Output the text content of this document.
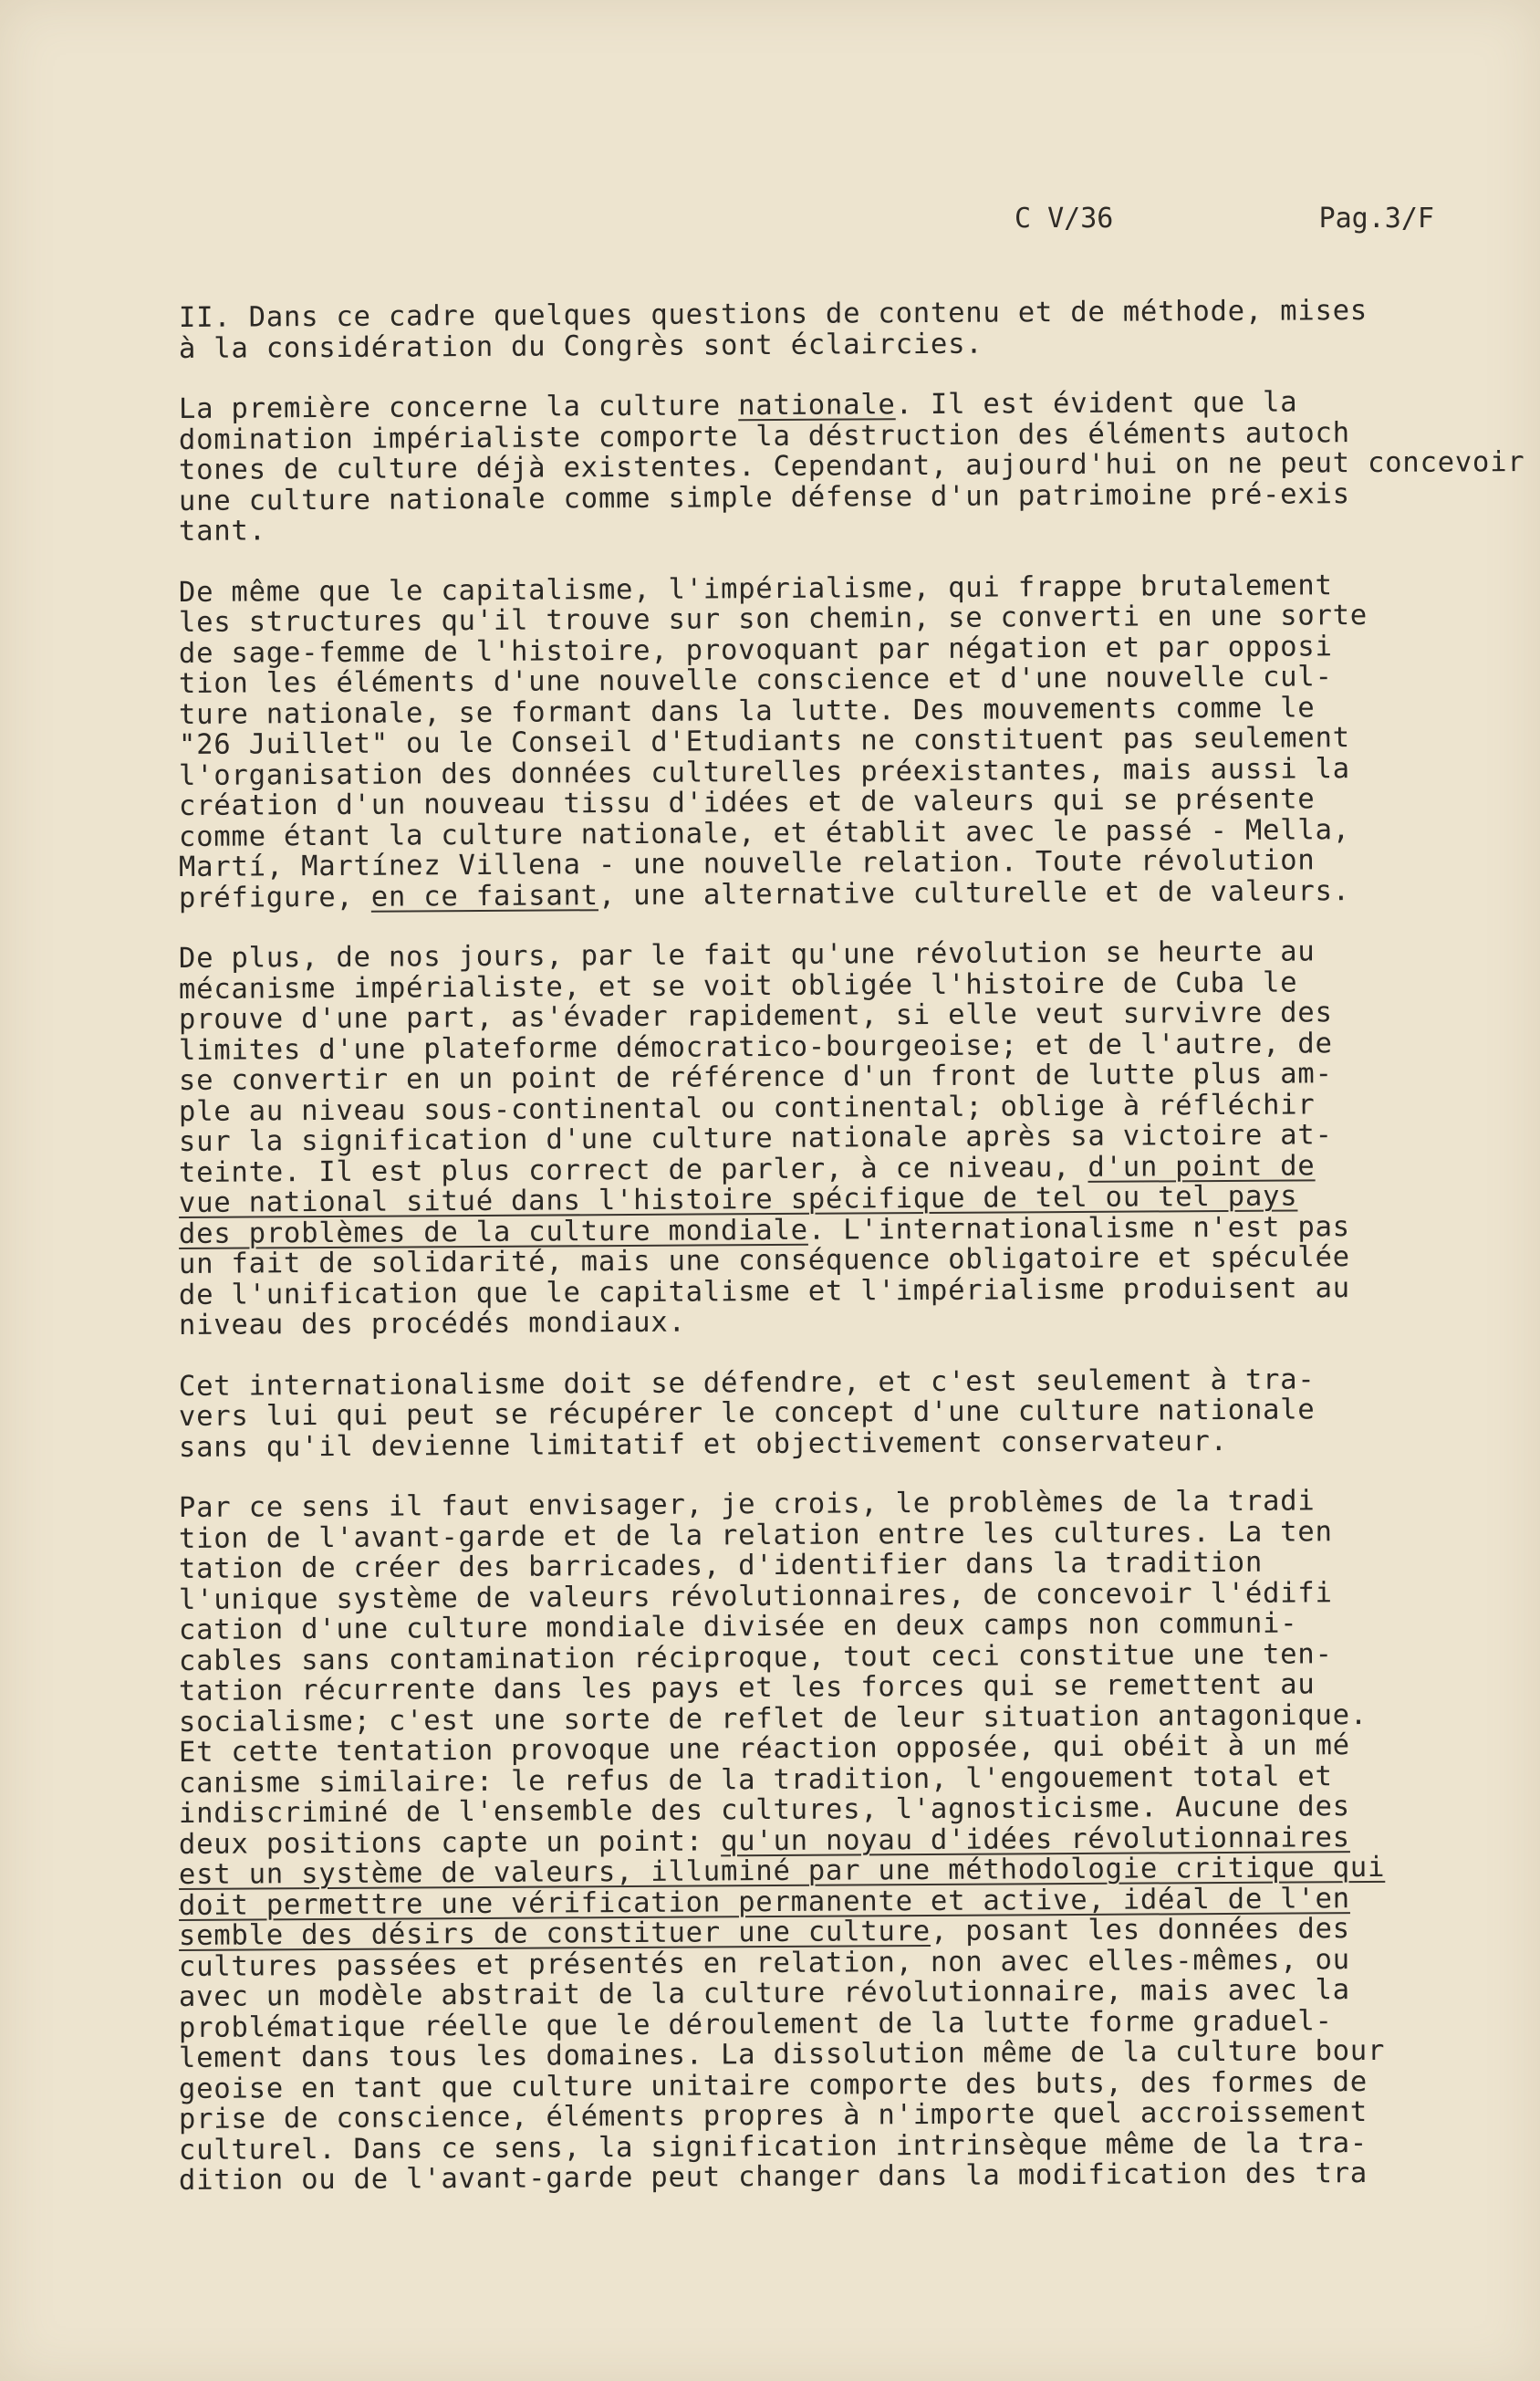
C V/36	Pag.3/F
II. Dans ce cadre quelques questions de contenu et de méthode, mises
à la considération du Congrès sont éclaircies.
La première concerne la culture nationale. Il est évident que la
domination impérialiste comporte la déstruction des éléments autoch
tones de culture déjà existentes. Cependant, aujourd'hui on ne peut concevoir
une culture nationale comme simple défense d'un patrimoine pré-exis
tant.
De même que le capitalisme, l'impérialisme, qui frappe brutalement
les structures qu'il trouve sur son chemin, se converti en une sorte
de sage-femme de l'histoire, provoquant par négation et par opposi
tion les éléments d'une nouvelle conscience et d'une nouvelle cul-
ture nationale, se formant dans la lutte. Des mouvements comme le
"26 Juillet" ou le Conseil d'Etudiants ne constituent pas seulement
l'organisation des données culturelles préexistantes, mais aussi la
création d'un nouveau tissu d'idées et de valeurs qui se présente
comme étant la culture nationale, et établit avec le passé - Mella,
Martí, Martínez Villena - une nouvelle relation. Toute révolution
préfigure, en ce faisant, une alternative culturelle et de valeurs.
De plus, de nos jours, par le fait qu'une révolution se heurte au
mécanisme impérialiste, et se voit obligée l'histoire de Cuba le
prouve d'une part, as'évader rapidement, si elle veut survivre des
limites d'une plateforme démocratico-bourgeoise; et de l'autre, de
se convertir en un point de référence d'un front de lutte plus am-
ple au niveau sous-continental ou continental; oblige à réfléchir
sur la signification d'une culture nationale après sa victoire at-
teinte. Il est plus correct de parler, à ce niveau, d'un point de
vue national situé dans l'histoire spécifique de tel ou tel pays
des problèmes de la culture mondiale. L'internationalisme n'est pas
un fait de solidarité, mais une conséquence obligatoire et spéculée
de l'unification que le capitalisme et l'impérialisme produisent au
niveau des procédés mondiaux.
Cet internationalisme doit se défendre, et c'est seulement à tra-
vers lui qui peut se récupérer le concept d'une culture nationale
sans qu'il devienne limitatif et objectivement conservateur.
Par ce sens il faut envisager, je crois, le problèmes de la tradi
tion de l'avant-garde et de la relation entre les cultures. La ten
tation de créer des barricades, d'identifier dans la tradition
l'unique système de valeurs révolutionnaires, de concevoir l'édifi
cation d'une culture mondiale divisée en deux camps non communi-
cables sans contamination réciproque, tout ceci constitue une ten-
tation récurrente dans les pays et les forces qui se remettent au
socialisme; c'est une sorte de reflet de leur situation antagonique.
Et cette tentation provoque une réaction opposée, qui obéit à un mé
canisme similaire: le refus de la tradition, l'engouement total et
indiscriminé de l'ensemble des cultures, l'agnosticisme. Aucune des
deux positions capte un point: qu'un noyau d'idées révolutionnaires
est un système de valeurs, illuminé par une méthodologie critique qui
doit permettre une vérification permanente et active, idéal de l'en
semble des désirs de constituer une culture, posant les données des
cultures passées et présentés en relation, non avec elles-mêmes, ou
avec un modèle abstrait de la culture révolutionnaire, mais avec la
problématique réelle que le déroulement de la lutte forme graduel-
lement dans tous les domaines. La dissolution même de la culture bour
geoise en tant que culture unitaire comporte des buts, des formes de
prise de conscience, éléments propres à n'importe quel accroissement
culturel. Dans ce sens, la signification intrinsèque même de la tra-
dition ou de l'avant-garde peut changer dans la modification des tra
